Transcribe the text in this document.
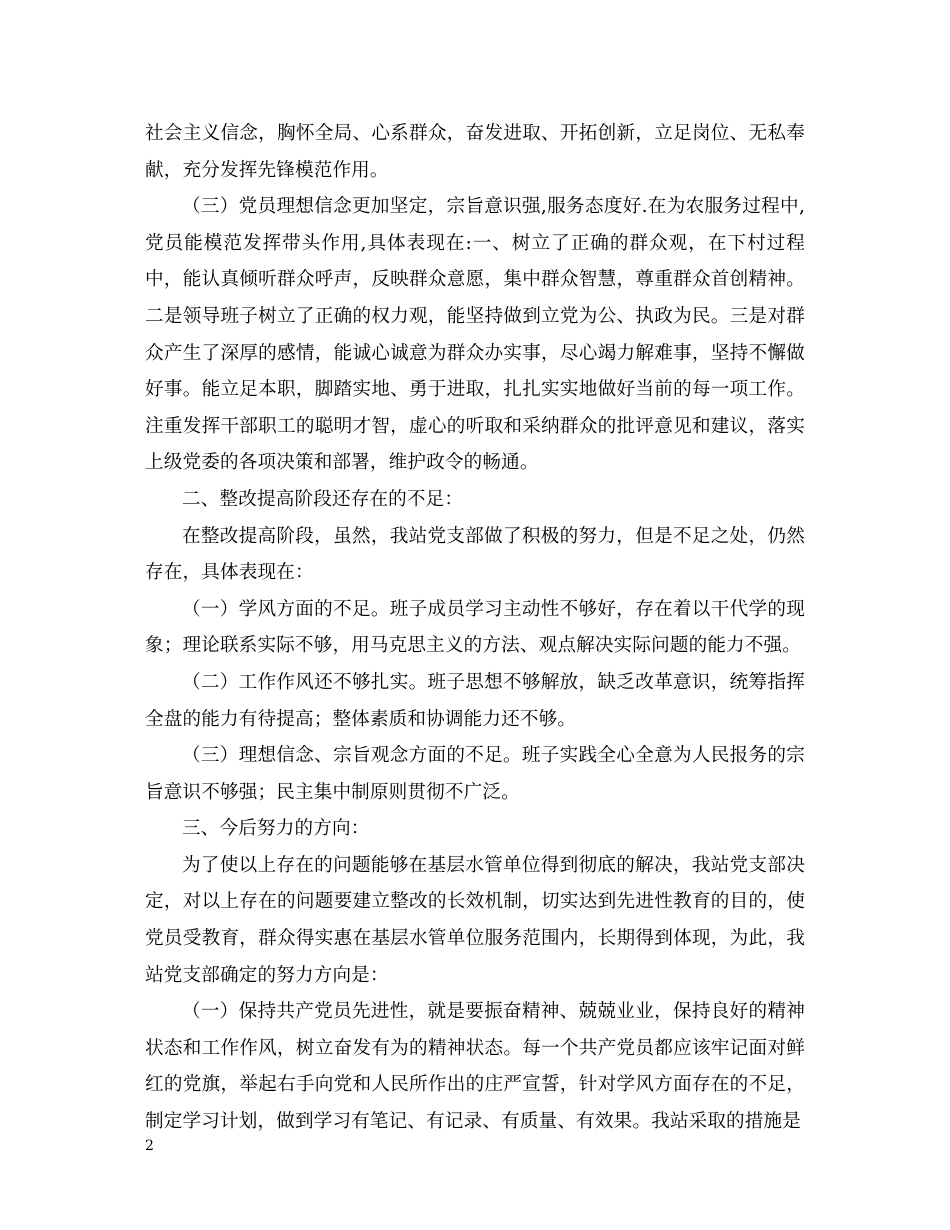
社会主义信念，胸怀全局、心系群众，奋发进取、开拓创新，立足岗位、无私奉献，充分发挥先锋模范作用。

（三）党员理想信念更加坚定，宗旨意识强,服务态度好.在为农服务过程中,党员能模范发挥带头作用,具体表现在:一、树立了正确的群众观，在下村过程中，能认真倾听群众呼声，反映群众意愿，集中群众智慧，尊重群众首创精神。二是领导班子树立了正确的权力观，能坚持做到立党为公、执政为民。三是对群众产生了深厚的感情，能诚心诚意为群众办实事，尽心竭力解难事，坚持不懈做好事。能立足本职，脚踏实地、勇于进取，扎扎实实地做好当前的每一项工作。注重发挥干部职工的聪明才智，虚心的听取和采纳群众的批评意见和建议，落实上级党委的各项决策和部署，维护政令的畅通。

二、整改提高阶段还存在的不足：

在整改提高阶段，虽然，我站党支部做了积极的努力，但是不足之处，仍然存在，具体表现在：

（一）学风方面的不足。班子成员学习主动性不够好，存在着以干代学的现象；理论联系实际不够，用马克思主义的方法、观点解决实际问题的能力不强。

（二）工作作风还不够扎实。班子思想不够解放，缺乏改革意识，统筹指挥全盘的能力有待提高；整体素质和协调能力还不够。

（三）理想信念、宗旨观念方面的不足。班子实践全心全意为人民报务的宗旨意识不够强；民主集中制原则贯彻不广泛。

三、今后努力的方向：

为了使以上存在的问题能够在基层水管单位得到彻底的解决，我站党支部决定，对以上存在的问题要建立整改的长效机制，切实达到先进性教育的目的，使党员受教育，群众得实惠在基层水管单位服务范围内，长期得到体现，为此，我站党支部确定的努力方向是：

（一）保持共产党员先进性，就是要振奋精神、兢兢业业，保持良好的精神状态和工作作风，树立奋发有为的精神状态。每一个共产党员都应该牢记面对鲜红的党旗，举起右手向党和人民所作出的庄严宣誓，针对学风方面存在的不足，制定学习计划，做到学习有笔记、有记录、有质量、有效果。我站采取的措施是

2
